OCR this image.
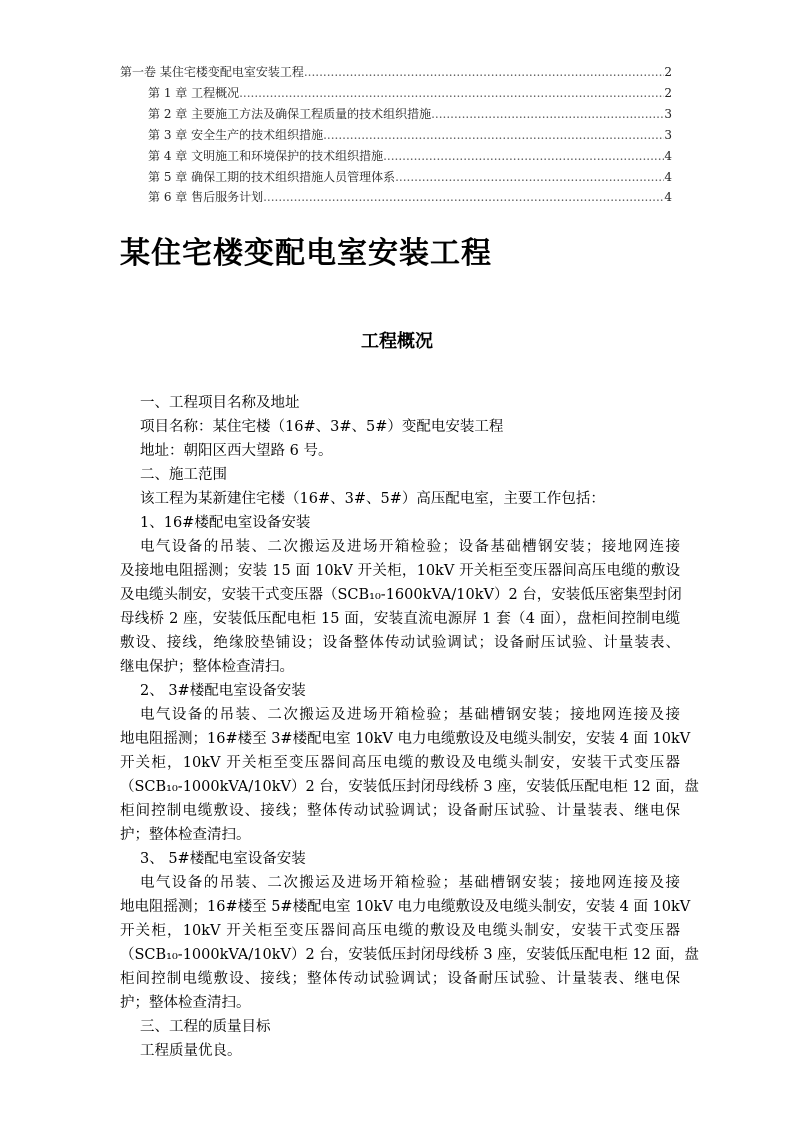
第一卷 某住宅楼变配电室安装工程 .....	2
第 1 章 工程概况 .....	2
第 2 章 主要施工方法及确保工程质量的技术组织措施 .....	3
第 3 章 安全生产的技术组织措施 .....	3
第 4 章 文明施工和环境保护的技术组织措施 .....	4
第 5 章 确保工期的技术组织措施人员管理体系 .....	4
第 6 章 售后服务计划 .....	4
某住宅楼变配电室安装工程
工程概况
一、工程项目名称及地址
项目名称：某住宅楼（16#、3#、5#）变配电安装工程
地址：朝阳区西大望路 6 号。
二、施工范围
该工程为某新建住宅楼（16#、3#、5#）高压配电室，主要工作包括：
1、16#楼配电室设备安装
电气设备的吊装、二次搬运及进场开箱检验；设备基础槽钢安装；接地网连接
及接地电阻摇测；安装 15 面 10kV 开关柜，10kV 开关柜至变压器间高压电缆的敷设
及电缆头制安，安装干式变压器（SCB₁₀-1600kVA/10kV）2 台，安装低压密集型封闭
母线桥 2 座，安装低压配电柜 15 面，安装直流电源屏 1 套（4 面），盘柜间控制电缆
敷设、接线，绝缘胶垫铺设；设备整体传动试验调试；设备耐压试验、计量装表、
继电保护；整体检查清扫。
2、 3#楼配电室设备安装
电气设备的吊装、二次搬运及进场开箱检验；基础槽钢安装；接地网连接及接
地电阻摇测；16#楼至 3#楼配电室 10kV 电力电缆敷设及电缆头制安，安装 4 面 10kV
开关柜，10kV 开关柜至变压器间高压电缆的敷设及电缆头制安，安装干式变压器
（SCB₁₀-1000kVA/10kV）2 台，安装低压封闭母线桥 3 座，安装低压配电柜 12 面，盘
柜间控制电缆敷设、接线；整体传动试验调试；设备耐压试验、计量装表、继电保
护；整体检查清扫。
3、 5#楼配电室设备安装
电气设备的吊装、二次搬运及进场开箱检验；基础槽钢安装；接地网连接及接
地电阻摇测；16#楼至 5#楼配电室 10kV 电力电缆敷设及电缆头制安，安装 4 面 10kV
开关柜，10kV 开关柜至变压器间高压电缆的敷设及电缆头制安，安装干式变压器
（SCB₁₀-1000kVA/10kV）2 台，安装低压封闭母线桥 3 座，安装低压配电柜 12 面，盘
柜间控制电缆敷设、接线；整体传动试验调试；设备耐压试验、计量装表、继电保
护；整体检查清扫。
三、工程的质量目标
工程质量优良。
